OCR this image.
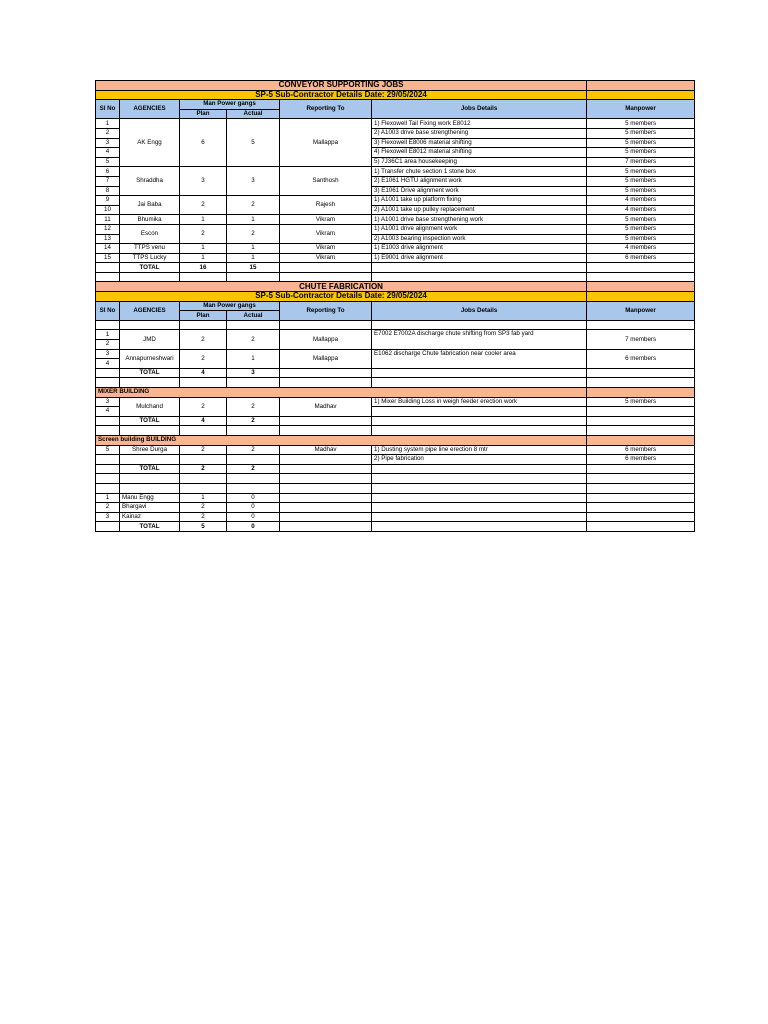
CONVEYOR SUPPORTING JOBS						
SP-5 Sub-Contractor Details Date: 29/05/2024						
Sl No	AGENCIES	Man Power gangs		Reporting To	Jobs Details	Manpower
		Plan	Actual			
1	AK Engg	6	5	Mallappa	1) Flexowell Tail Fixing work E8012	5 members
2					2) A1003 drive base strengthening	5 members
3					3) Flexowell E8006 material shifting	5 members
4					4) Flexowell E8012 material shifting	5 members
5					5) 7J36C1 area housekeeping	7 members
6	Shraddha	3	3	Santhosh	1) Transfer chute section 1 stone box	5 members
7					2) E1061 HGTU alignment work	5 members
8					3) E1061 Drive alignment work	5 members
9	Jai Baba	2	2	Rajesh	1) A1001 take up platform fixing	4 members
10					2) A1001 take up pulley replacement	4 members
11	Bhumika	1	1	Vikram	1) A1001 drive base strengthening work	5 members
12	Escon	2	2	Vikram	1) A1001 drive alignment work	5 members
13					2) A1003 bearing inspection work	5 members
14	TTPS venu	1	1	Vikram	1) E1003 drive alignment	4 members
15	TTPS Lucky	1	1	Vikram	1) E9001 drive alignment	6 members
	TOTAL	16	15			

CHUTE FABRICATION						
SP-5 Sub-Contractor Details Date: 29/05/2024						
Sl No	AGENCIES	Man Power gangs		Reporting To	Jobs Details	Manpower
		Plan	Actual			

1	JMD	2	2	Mallappa	E7002 E7002A discharge chute shifting from SP3 fab yard	7 members
2						
3	Annapurneshwari	2	1	Mallappa	E1062 discharge Chute fabrication near cooler area	6 members
4						
	TOTAL	4	3			

MIXER BUILDING						
3	Mulchand	2	2	Madhav	1) Mixer Building Loss in weigh feeder erection work	5 members
4						
	TOTAL	4	2			

Screen building BUILDING						
5	Shree Durga	2	2	Madhav	1) Dusting system pipe line erection 8 mtr	6 members
					2) Pipe fabrication	6 members
	TOTAL	2	2			

1	Manu Engg	1	0			
2	Bhargavi	2	0			
3	Kainaz	2	0			
	TOTAL	5	0			
